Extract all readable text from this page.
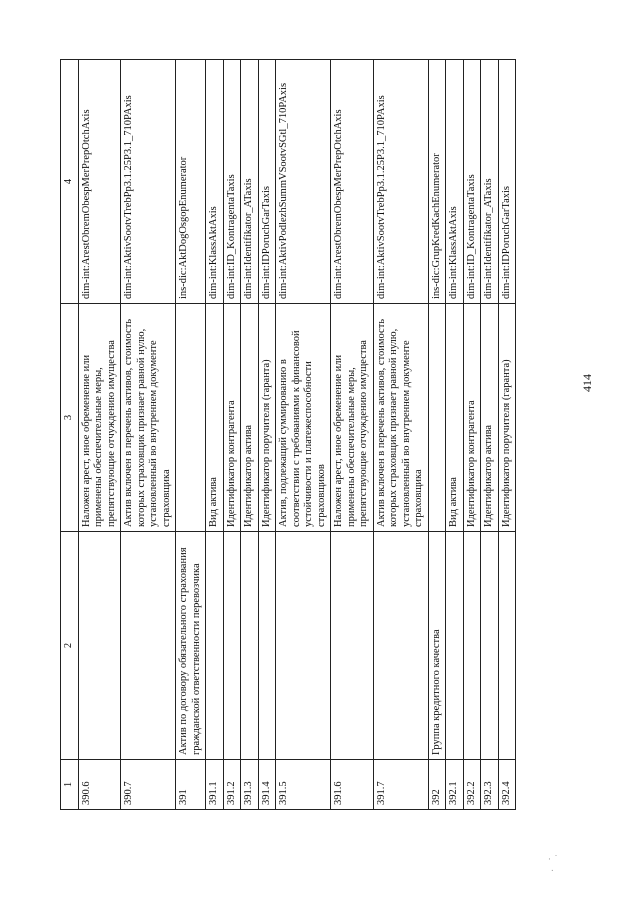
1	2	3	4
390.6		Наложен арест, иное обременение или применены обеспечительные меры, препятствующие отчуждению имущества	dim-int:ArestObremObespMerPrepOtchAxis
390.7		Актив включен в перечень активов, стоимость которых страховщик признает равной нулю, установленный во внутреннем документе страховщика	dim-int:AktivSootvTrebPp3.1.25P3.1_710PAxis
391	Актив по договору обязательного страхования гражданской ответственности перевозчика		ins-dic:AktDogOsgopEnumerator
391.1		Вид актива	dim-int:KlassAktAxis
391.2		Идентификатор контрагента	dim-int:ID_KontragentaTaxis
391.3		Идентификатор актива	dim-int:Identifikator_ATaxis
391.4		Идентификатор поручителя (гаранта)	dim-int:IDPoruchGarTaxis
391.5		Актив, подлежащий суммированию в соответствии с требованиями к финансовой устойчивости и платежеспособности страховщиков	dim-int:AktivPodlezhSummVSootvSGtl_710PAxis
391.6		Наложен арест, иное обременение или применены обеспечительные меры, препятствующие отчуждению имущества	dim-int:ArestObremObespMerPrepOtchAxis
391.7		Актив включен в перечень активов, стоимость которых страховщик признает равной нулю, установленный во внутреннем документе страховщика	dim-int:AktivSootvTrebPp3.1.25P3.1_710PAxis
392	Группа кредитного качества		ins-dic:GrupKredKachEnumerator
392.1		Вид актива	dim-int:KlassAktAxis
392.2		Идентификатор контрагента	dim-int:ID_KontragentaTaxis
392.3		Идентификатор актива	dim-int:Identifikator_ATaxis
392.4		Идентификатор поручителя (гаранта)	dim-int:IDPoruchGarTaxis
414
· ˙
.
